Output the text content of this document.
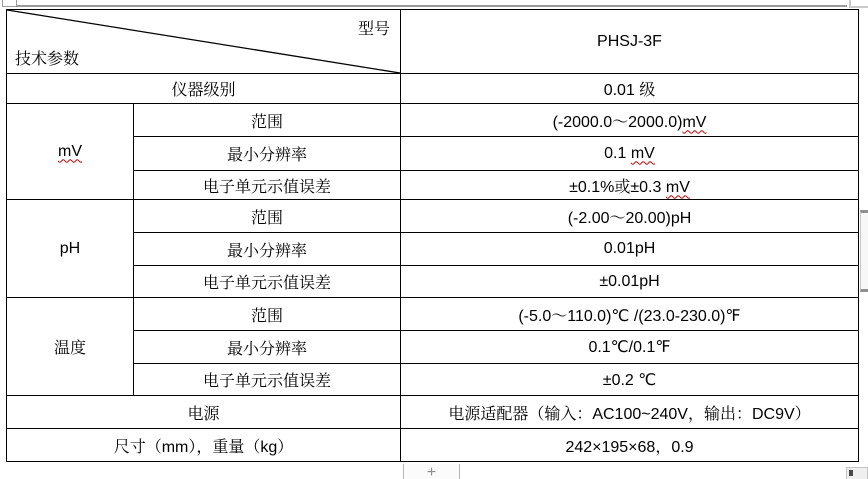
+
型号
技术参数		PHSJ-3F
仪器级别		0.01 级
mV	范围	(-2000.0～2000.0)mV
	最小分辨率	0.1 mV
	电子单元示值误差	±0.1%或±0.3 mV
pH	范围	(-2.00～20.00)pH
	最小分辨率	0.01pH
	电子单元示值误差	±0.01pH
温度	范围	(-5.0～110.0)℃ /(23.0-230.0)℉
	最小分辨率	0.1℃/0.1℉
	电子单元示值误差	±0.2 ℃
电源		电源适配器（输入：AC100~240V，输出：DC9V）
尺寸（mm），重量（kg）		242×195×68，0.9
